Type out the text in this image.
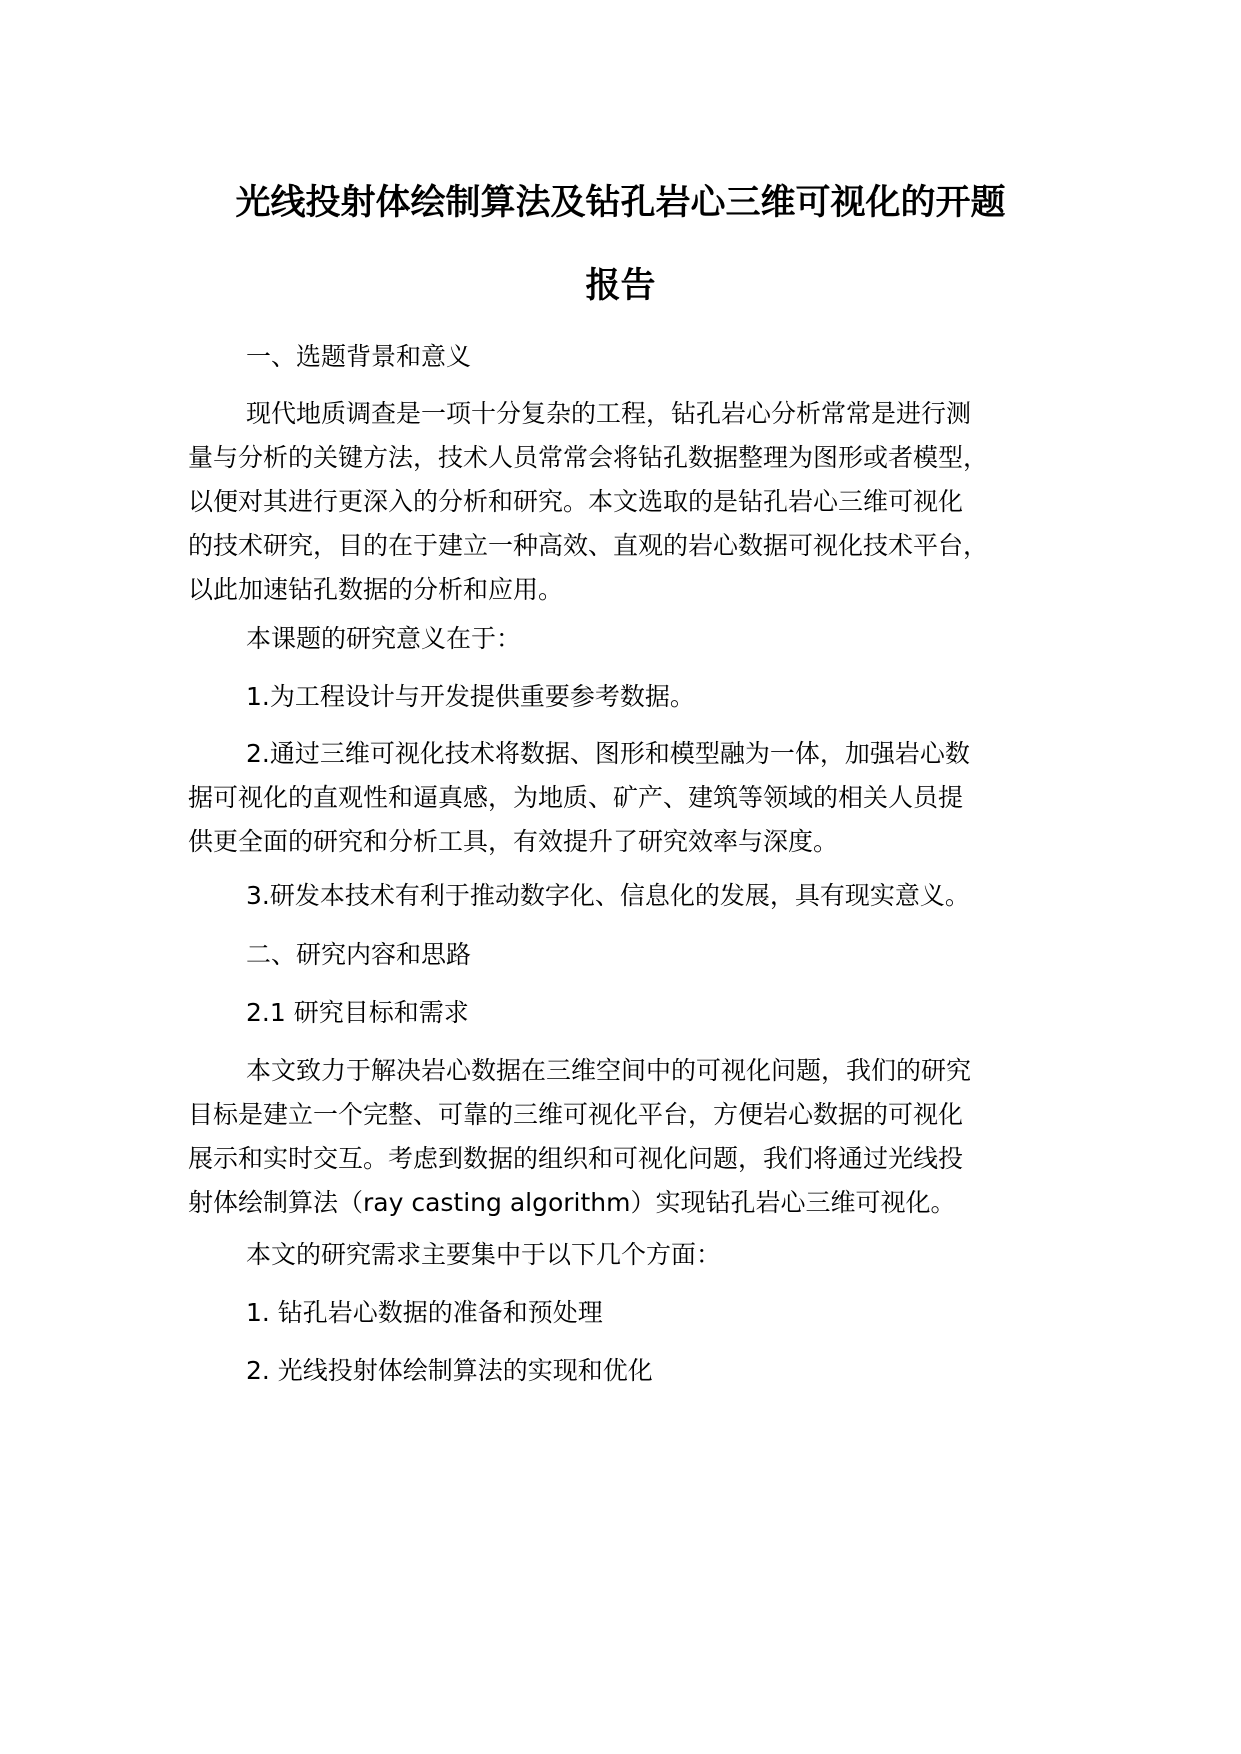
光线投射体绘制算法及钻孔岩心三维可视化的开题
报告
一、选题背景和意义
现代地质调查是一项十分复杂的工程，钻孔岩心分析常常是进行测
量与分析的关键方法，技术人员常常会将钻孔数据整理为图形或者模型，
以便对其进行更深入的分析和研究。本文选取的是钻孔岩心三维可视化
的技术研究，目的在于建立一种高效、直观的岩心数据可视化技术平台，
以此加速钻孔数据的分析和应用。
本课题的研究意义在于：
1.为工程设计与开发提供重要参考数据。
2.通过三维可视化技术将数据、图形和模型融为一体，加强岩心数
据可视化的直观性和逼真感，为地质、矿产、建筑等领域的相关人员提
供更全面的研究和分析工具，有效提升了研究效率与深度。
3.研发本技术有利于推动数字化、信息化的发展，具有现实意义。
二、研究内容和思路
2.1 研究目标和需求
本文致力于解决岩心数据在三维空间中的可视化问题，我们的研究
目标是建立一个完整、可靠的三维可视化平台，方便岩心数据的可视化
展示和实时交互。考虑到数据的组织和可视化问题，我们将通过光线投
射体绘制算法（ray casting algorithm）实现钻孔岩心三维可视化。
本文的研究需求主要集中于以下几个方面：
1. 钻孔岩心数据的准备和预处理
2. 光线投射体绘制算法的实现和优化
